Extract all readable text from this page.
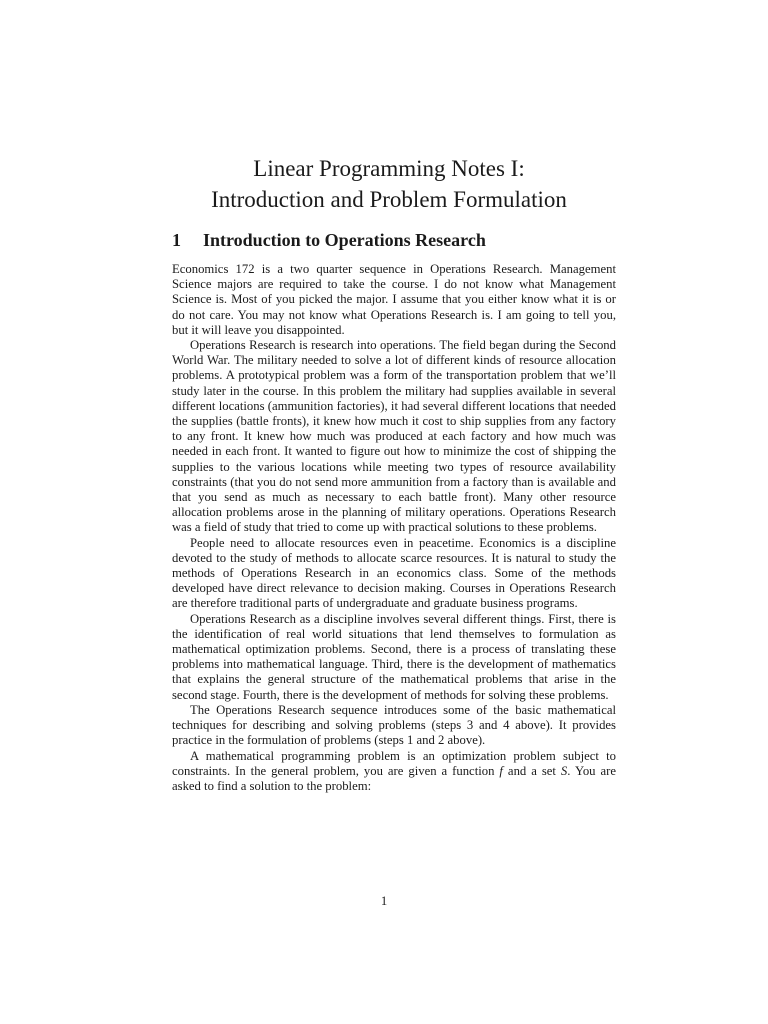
Linear Programming Notes I:
Introduction and Problem Formulation
1 Introduction to Operations Research

Economics 172 is a two quarter sequence in Operations Research. Management Science majors are required to take the course. I do not know what Management Science is. Most of you picked the major. I assume that you either know what it is or do not care. You may not know what Operations Research is. I am going to tell you, but it will leave you disappointed.

Operations Research is research into operations. The field began during the Second World War. The military needed to solve a lot of different kinds of resource allocation problems. A prototypical problem was a form of the transportation problem that we’ll study later in the course. In this problem the military had supplies available in several different locations (ammunition factories), it had several different locations that needed the supplies (battle fronts), it knew how much it cost to ship supplies from any factory to any front. It knew how much was produced at each factory and how much was needed in each front. It wanted to figure out how to minimize the cost of shipping the supplies to the various locations while meeting two types of resource availability constraints (that you do not send more ammunition from a factory than is available and that you send as much as necessary to each battle front). Many other resource allocation problems arose in the planning of military operations. Operations Research was a field of study that tried to come up with practical solutions to these problems.

People need to allocate resources even in peacetime. Economics is a discipline devoted to the study of methods to allocate scarce resources. It is natural to study the methods of Operations Research in an economics class. Some of the methods developed have direct relevance to decision making. Courses in Operations Research are therefore traditional parts of undergraduate and graduate business programs.

Operations Research as a discipline involves several different things. First, there is the identification of real world situations that lend themselves to formulation as mathematical optimization problems. Second, there is a process of translating these problems into mathematical language. Third, there is the development of mathematics that explains the general structure of the mathematical problems that arise in the second stage. Fourth, there is the development of methods for solving these problems.

The Operations Research sequence introduces some of the basic mathematical techniques for describing and solving problems (steps 3 and 4 above). It provides practice in the formulation of problems (steps 1 and 2 above).

A mathematical programming problem is an optimization problem subject to constraints. In the general problem, you are given a function f and a set S. You are asked to find a solution to the problem:

1
